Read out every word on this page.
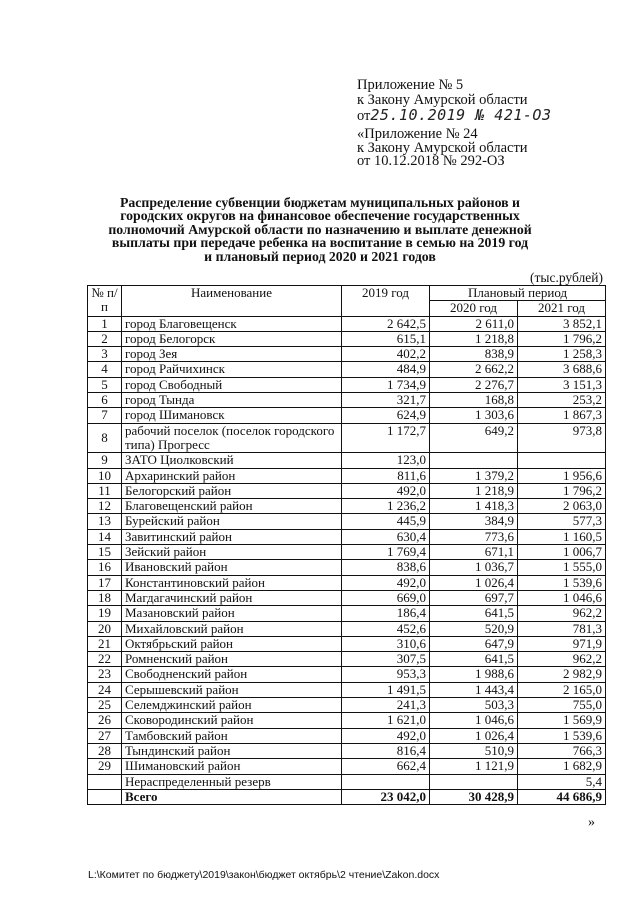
Приложение № 5
к Закону Амурской области
от25.10.2019 № 421-ОЗ
«Приложение № 24
к Закону Амурской области
от 10.12.2018 № 292-ОЗ
Распределение субвенции бюджетам муниципальных районов и городских округов на финансовое обеспечение государственных полномочий Амурской области по назначению и выплате денежной выплаты при передаче ребенка на воспитание в семью на 2019 год и плановый период 2020 и 2021 годов
(тыс.рублей)
№ п/п	Наименование	2019 год	Плановый период	
			2020 год	2021 год
1	город Благовещенск	2 642,5	2 611,0	3 852,1
2	город Белогорск	615,1	1 218,8	1 796,2
3	город Зея	402,2	838,9	1 258,3
4	город Райчихинск	484,9	2 662,2	3 688,6
5	город Свободный	1 734,9	2 276,7	3 151,3
6	город Тында	321,7	168,8	253,2
7	город Шимановск	624,9	1 303,6	1 867,3
8	рабочий поселок (поселок городского типа) Прогресс	1 172,7	649,2	973,8
9	ЗАТО Циолковский	123,0		
10	Архаринский район	811,6	1 379,2	1 956,6
11	Белогорский район	492,0	1 218,9	1 796,2
12	Благовещенский район	1 236,2	1 418,3	2 063,0
13	Бурейский район	445,9	384,9	577,3
14	Завитинский район	630,4	773,6	1 160,5
15	Зейский район	1 769,4	671,1	1 006,7
16	Ивановский район	838,6	1 036,7	1 555,0
17	Константиновский район	492,0	1 026,4	1 539,6
18	Магдагачинский район	669,0	697,7	1 046,6
19	Мазановский район	186,4	641,5	962,2
20	Михайловский район	452,6	520,9	781,3
21	Октябрьский район	310,6	647,9	971,9
22	Ромненский район	307,5	641,5	962,2
23	Свободненский район	953,3	1 988,6	2 982,9
24	Серышевский район	1 491,5	1 443,4	2 165,0
25	Селемджинский район	241,3	503,3	755,0
26	Сковородинский район	1 621,0	1 046,6	1 569,9
27	Тамбовский район	492,0	1 026,4	1 539,6
28	Тындинский район	816,4	510,9	766,3
29	Шимановский район	662,4	1 121,9	1 682,9
	Нераспределенный резерв			5,4
	Всего	23 042,0	30 428,9	44 686,9
»
L:\Комитет по бюджету\2019\закон\бюджет октябрь\2 чтение\Zakon.docx
